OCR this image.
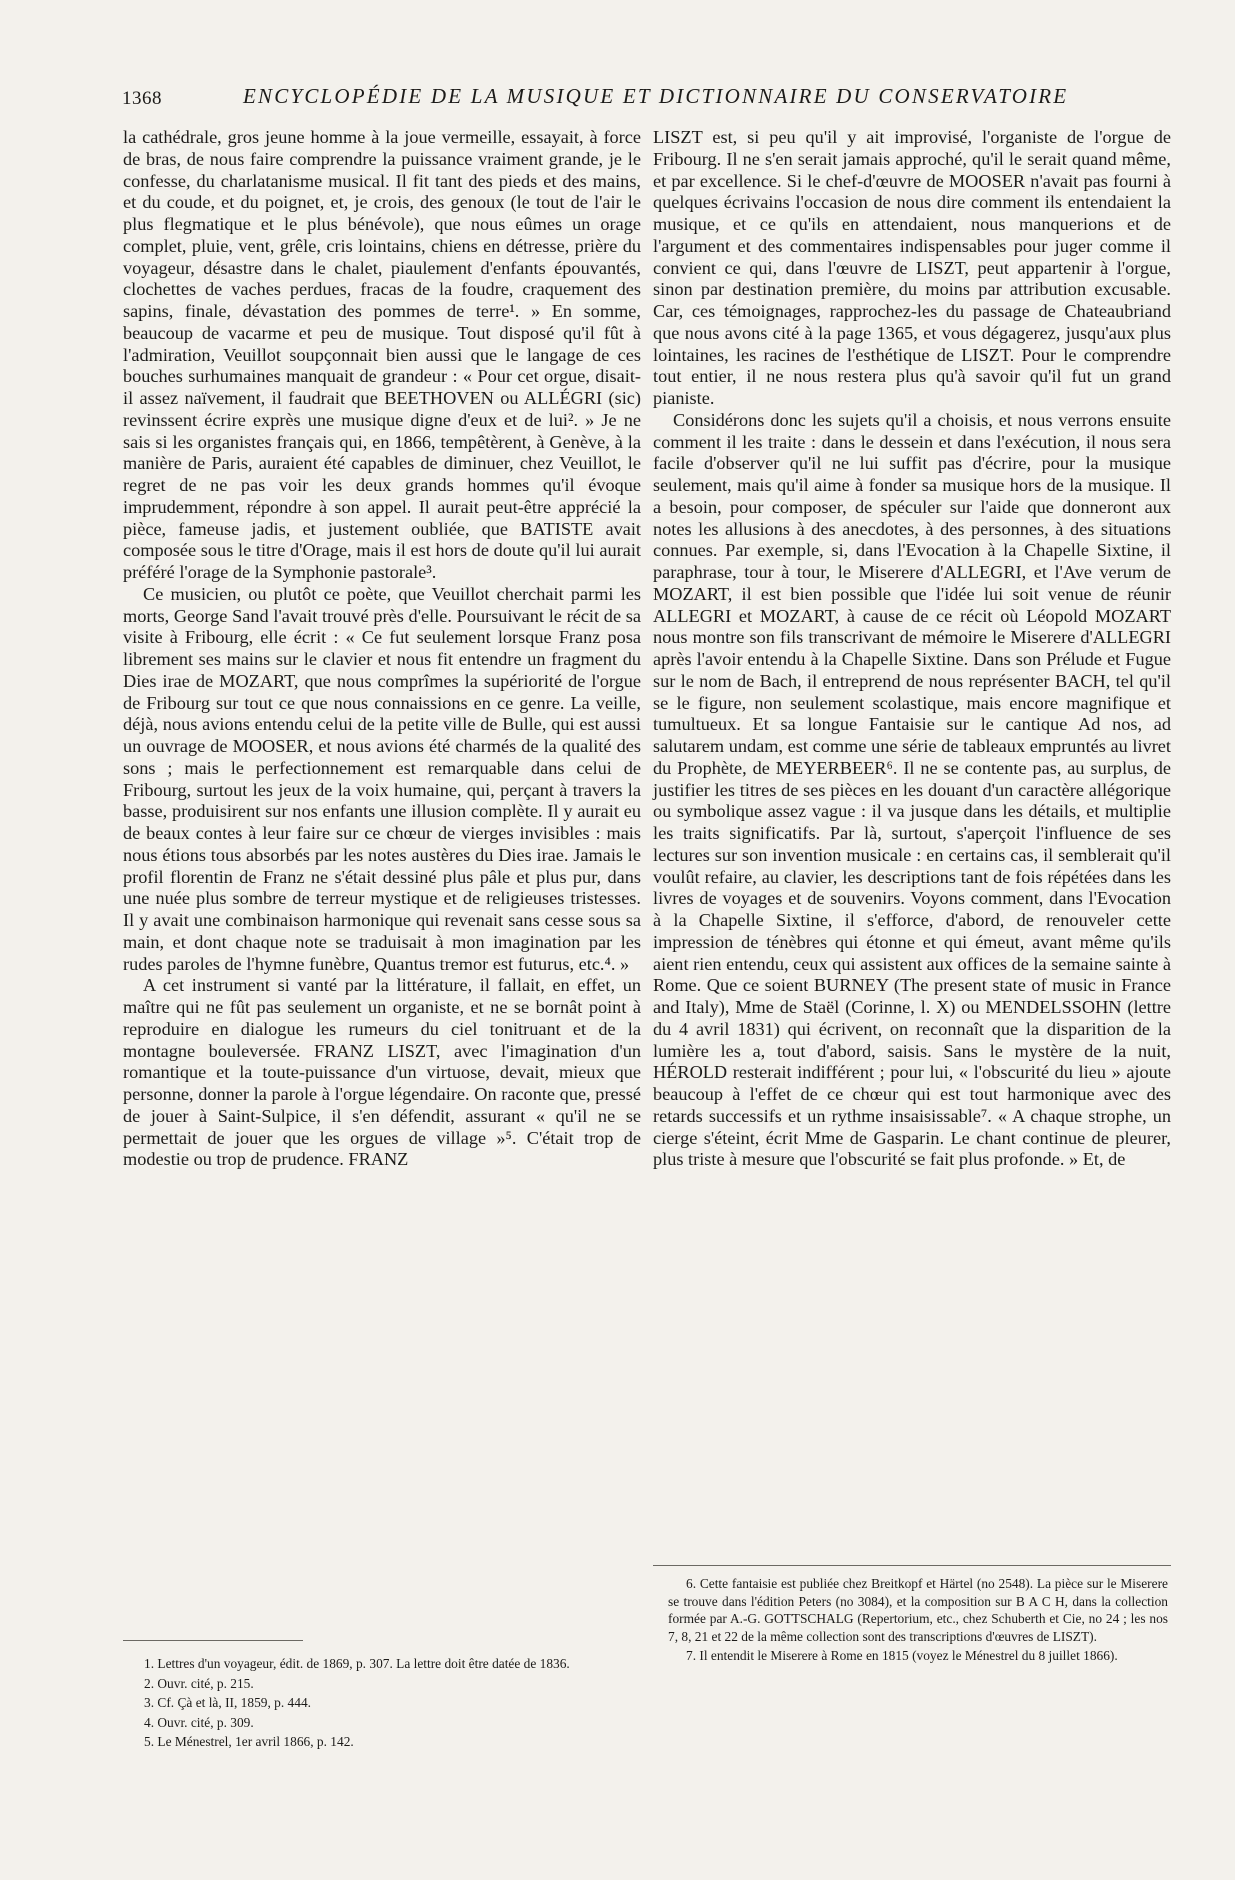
1368	ENCYCLOPÉDIE DE LA MUSIQUE ET DICTIONNAIRE DU CONSERVATOIRE

la cathédrale, gros jeune homme à la joue vermeille, essayait, à force de bras, de nous faire comprendre la puissance vraiment grande, je le confesse, du charlatanisme musical. Il fit tant des pieds et des mains, et du coude, et du poignet, et, je crois, des genoux (le tout de l'air le plus flegmatique et le plus bénévole), que nous eûmes un orage complet, pluie, vent, grêle, cris lointains, chiens en détresse, prière du voyageur, désastre dans le chalet, piaulement d'enfants épouvantés, clochettes de vaches perdues, fracas de la foudre, craquement des sapins, finale, dévastation des pommes de terre¹. » En somme, beaucoup de vacarme et peu de musique. Tout disposé qu'il fût à l'admiration, Veuillot soupçonnait bien aussi que le langage de ces bouches surhumaines manquait de grandeur : « Pour cet orgue, disait-il assez naïvement, il faudrait que BEETHOVEN ou ALLÉGRI (sic) revinssent écrire exprès une musique digne d'eux et de lui². » Je ne sais si les organistes français qui, en 1866, tempêtèrent, à Genève, à la manière de Paris, auraient été capables de diminuer, chez Veuillot, le regret de ne pas voir les deux grands hommes qu'il évoque imprudemment, répondre à son appel. Il aurait peut-être apprécié la pièce, fameuse jadis, et justement oubliée, que BATISTE avait composée sous le titre d'Orage, mais il est hors de doute qu'il lui aurait préféré l'orage de la Symphonie pastorale³.

Ce musicien, ou plutôt ce poète, que Veuillot cherchait parmi les morts, George Sand l'avait trouvé près d'elle. Poursuivant le récit de sa visite à Fribourg, elle écrit : « Ce fut seulement lorsque Franz posa librement ses mains sur le clavier et nous fit entendre un fragment du Dies irae de MOZART, que nous comprîmes la supériorité de l'orgue de Fribourg sur tout ce que nous connaissions en ce genre. La veille, déjà, nous avions entendu celui de la petite ville de Bulle, qui est aussi un ouvrage de MOOSER, et nous avions été charmés de la qualité des sons ; mais le perfectionnement est remarquable dans celui de Fribourg, surtout les jeux de la voix humaine, qui, perçant à travers la basse, produisirent sur nos enfants une illusion complète. Il y aurait eu de beaux contes à leur faire sur ce chœur de vierges invisibles : mais nous étions tous absorbés par les notes austères du Dies irae. Jamais le profil florentin de Franz ne s'était dessiné plus pâle et plus pur, dans une nuée plus sombre de terreur mystique et de religieuses tristesses. Il y avait une combinaison harmonique qui revenait sans cesse sous sa main, et dont chaque note se traduisait à mon imagination par les rudes paroles de l'hymne funèbre, Quantus tremor est futurus, etc.⁴. »

A cet instrument si vanté par la littérature, il fallait, en effet, un maître qui ne fût pas seulement un organiste, et ne se bornât point à reproduire en dialogue les rumeurs du ciel tonitruant et de la montagne bouleversée. FRANZ LISZT, avec l'imagination d'un romantique et la toute-puissance d'un virtuose, devait, mieux que personne, donner la parole à l'orgue légendaire. On raconte que, pressé de jouer à Saint-Sulpice, il s'en défendit, assurant « qu'il ne se permettait de jouer que les orgues de village »⁵. C'était trop de modestie ou trop de prudence. FRANZ

LISZT est, si peu qu'il y ait improvisé, l'organiste de l'orgue de Fribourg. Il ne s'en serait jamais approché, qu'il le serait quand même, et par excellence. Si le chef-d'œuvre de MOOSER n'avait pas fourni à quelques écrivains l'occasion de nous dire comment ils entendaient la musique, et ce qu'ils en attendaient, nous manquerions et de l'argument et des commentaires indispensables pour juger comme il convient ce qui, dans l'œuvre de LISZT, peut appartenir à l'orgue, sinon par destination première, du moins par attribution excusable. Car, ces témoignages, rapprochez-les du passage de Chateaubriand que nous avons cité à la page 1365, et vous dégagerez, jusqu'aux plus lointaines, les racines de l'esthétique de LISZT. Pour le comprendre tout entier, il ne nous restera plus qu'à savoir qu'il fut un grand pianiste.

Considérons donc les sujets qu'il a choisis, et nous verrons ensuite comment il les traite : dans le dessein et dans l'exécution, il nous sera facile d'observer qu'il ne lui suffit pas d'écrire, pour la musique seulement, mais qu'il aime à fonder sa musique hors de la musique. Il a besoin, pour composer, de spéculer sur l'aide que donneront aux notes les allusions à des anecdotes, à des personnes, à des situations connues. Par exemple, si, dans l'Evocation à la Chapelle Sixtine, il paraphrase, tour à tour, le Miserere d'ALLEGRI, et l'Ave verum de MOZART, il est bien possible que l'idée lui soit venue de réunir ALLEGRI et MOZART, à cause de ce récit où Léopold MOZART nous montre son fils transcrivant de mémoire le Miserere d'ALLEGRI après l'avoir entendu à la Chapelle Sixtine. Dans son Prélude et Fugue sur le nom de Bach, il entreprend de nous représenter BACH, tel qu'il se le figure, non seulement scolastique, mais encore magnifique et tumultueux. Et sa longue Fantaisie sur le cantique Ad nos, ad salutarem undam, est comme une série de tableaux empruntés au livret du Prophète, de MEYERBEER⁶. Il ne se contente pas, au surplus, de justifier les titres de ses pièces en les douant d'un caractère allégorique ou symbolique assez vague : il va jusque dans les détails, et multiplie les traits significatifs. Par là, surtout, s'aperçoit l'influence de ses lectures sur son invention musicale : en certains cas, il semblerait qu'il voulût refaire, au clavier, les descriptions tant de fois répétées dans les livres de voyages et de souvenirs. Voyons comment, dans l'Evocation à la Chapelle Sixtine, il s'efforce, d'abord, de renouveler cette impression de ténèbres qui étonne et qui émeut, avant même qu'ils aient rien entendu, ceux qui assistent aux offices de la semaine sainte à Rome. Que ce soient BURNEY (The present state of music in France and Italy), Mme de Staël (Corinne, l. X) ou MENDELSSOHN (lettre du 4 avril 1831) qui écrivent, on reconnaît que la disparition de la lumière les a, tout d'abord, saisis. Sans le mystère de la nuit, HÉROLD resterait indifférent ; pour lui, « l'obscurité du lieu » ajoute beaucoup à l'effet de ce chœur qui est tout harmonique avec des retards successifs et un rythme insaisissable⁷. « A chaque strophe, un cierge s'éteint, écrit Mme de Gasparin. Le chant continue de pleurer, plus triste à mesure que l'obscurité se fait plus profonde. » Et, de

1. Lettres d'un voyageur, édit. de 1869, p. 307. La lettre doit être datée de 1836.

2. Ouvr. cité, p. 215.

3. Cf. Çà et là, II, 1859, p. 444.

4. Ouvr. cité, p. 309.

5. Le Ménestrel, 1er avril 1866, p. 142.

6. Cette fantaisie est publiée chez Breitkopf et Härtel (no 2548). La pièce sur le Miserere se trouve dans l'édition Peters (no 3084), et la composition sur B A C H, dans la collection formée par A.-G. GOTTSCHALG (Repertorium, etc., chez Schuberth et Cie, no 24 ; les nos 7, 8, 21 et 22 de la même collection sont des transcriptions d'œuvres de LISZT).

7. Il entendit le Miserere à Rome en 1815 (voyez le Ménestrel du 8 juillet 1866).
